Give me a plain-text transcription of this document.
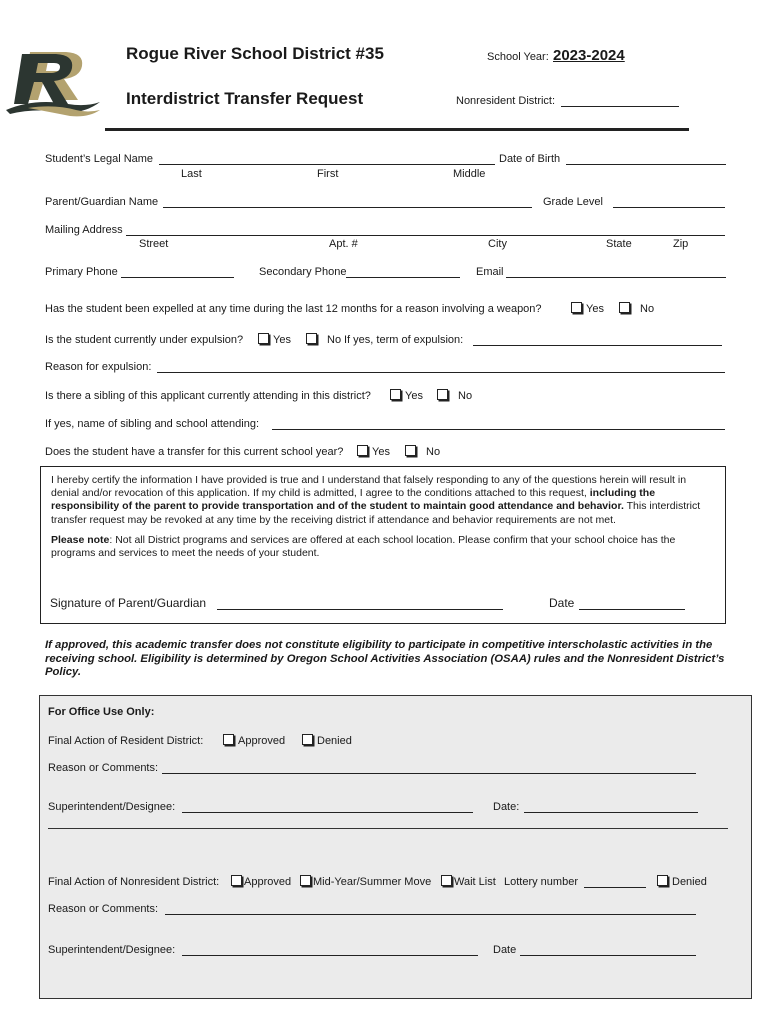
Rogue River School District #35
Interdistrict Transfer Request
School Year: 2023-2024
Nonresident District:
Student’s Legal Name
Last	First	Middle
Date of Birth
Parent/Guardian Name	Grade Level
Mailing Address
Street	Apt. #	City	State	Zip
Primary Phone	Secondary Phone	Email
Has the student been expelled at any time during the last 12 months for a reason involving a weapon?	Yes	No
Is the student currently under expulsion?	Yes	No If yes, term of expulsion:
Reason for expulsion:
Is there a sibling of this applicant currently attending in this district?	Yes	No
If yes, name of sibling and school attending:
Does the student have a transfer for this current school year?	Yes	No

I hereby certify the information I have provided is true and I understand that falsely responding to any of the questions herein will result in denial and/or revocation of this application. If my child is admitted, I agree to the conditions attached to this request, including the responsibility of the parent to provide transportation and of the student to maintain good attendance and behavior. This interdistrict transfer request may be revoked at any time by the receiving district if attendance and behavior requirements are not met.

Please note: Not all District programs and services are offered at each school location. Please confirm that your school choice has the programs and services to meet the needs of your student.

Signature of Parent/Guardian	Date
If approved, this academic transfer does not constitute eligibility to participate in competitive interscholastic activities in the receiving school. Eligibility is determined by Oregon School Activities Association (OSAA) rules and the Nonresident District’s Policy.
For Office Use Only:
Final Action of Resident District:	Approved	Denied
Reason or Comments:
Superintendent/Designee:	Date:
Final Action of Nonresident District:	Approved	Mid-Year/Summer Move	Wait List Lottery number	Denied
Reason or Comments:
Superintendent/Designee:	Date
